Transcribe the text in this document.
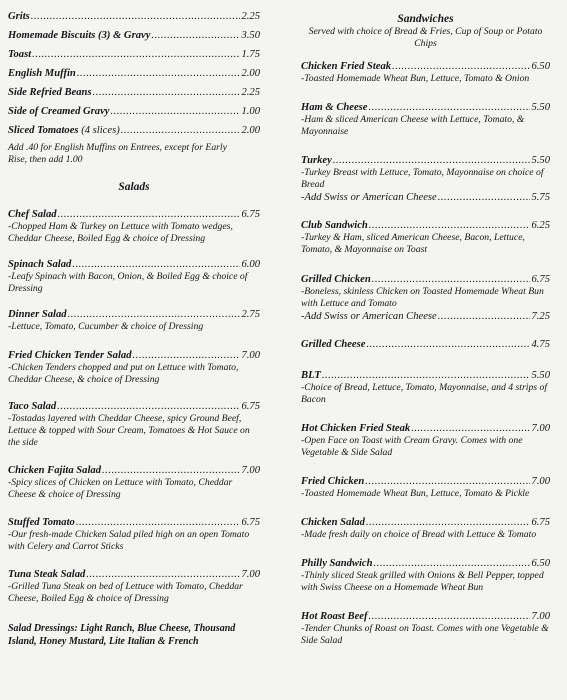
Grits .....	2.25
Homemade Biscuits (3) & Gravy .....	3.50
Toast .....	1.75
English Muffin .....	2.00
Side Refried Beans .....	2.25
Side of Creamed Gravy .....	1.00
Sliced Tomatoes (4 slices) .....	2.00
Add .40 for English Muffins on Entrees, except for Early Rise, then add 1.00
Salads
Chef Salad .....	6.75

-Chopped Ham & Turkey on Lettuce with Tomato wedges, Cheddar Cheese, Boiled Egg & choice of Dressing

Spinach Salad .....	6.00

-Leafy Spinach with Bacon, Onion, & Boiled Egg & choice of Dressing

Dinner Salad .....	2.75

-Lettuce, Tomato, Cucumber & choice of Dressing

Fried Chicken Tender Salad .....	7.00

-Chicken Tenders chopped and put on Lettuce with Tomato, Cheddar Cheese, & choice of Dressing

Taco Salad .....	6.75

-Tostadas layered with Cheddar Cheese, spicy Ground Beef, Lettuce & topped with Sour Cream, Tomatoes & Hot Sauce on the side

Chicken Fajita Salad .....	7.00

-Spicy slices of Chicken on Lettuce with Tomato, Cheddar Cheese & choice of Dressing

Stuffed Tomato .....	6.75

-Our fresh-made Chicken Salad piled high on an open Tomato with Celery and Carrot Sticks

Tuna Steak Salad .....	7.00

-Grilled Tuna Steak on bed of Lettuce with Tomato, Cheddar Cheese, Boiled Egg & choice of Dressing

Salad Dressings: Light Ranch, Blue Cheese, Thousand Island, Honey Mustard, Lite Italian & French
Sandwiches
Served with choice of Bread & Fries, Cup of Soup or Potato Chips
Chicken Fried Steak .....	6.50

-Toasted Homemade Wheat Bun, Lettuce, Tomato & Onion

Ham & Cheese .....	5.50

-Ham & sliced American Cheese with Lettuce, Tomato, & Mayonnaise

Turkey .....	5.50

-Turkey Breast with Lettuce, Tomato, Mayonnaise on choice of Bread

-Add Swiss or American Cheese .....	5.75
Club Sandwich .....	6.25

-Turkey & Ham, sliced American Cheese, Bacon, Lettuce, Tomato, & Mayonnaise on Toast

Grilled Chicken .....	6.75

-Boneless, skinless Chicken on Toasted Homemade Wheat Bun with Lettuce and Tomato

-Add Swiss or American Cheese .....	7.25
Grilled Cheese .....	4.75
BLT .....	5.50

-Choice of Bread, Lettuce, Tomato, Mayonnaise, and 4 strips of Bacon

Hot Chicken Fried Steak .....	7.00

-Open Face on Toast with Cream Gravy. Comes with one Vegetable & Side Salad

Fried Chicken .....	7.00

-Toasted Homemade Wheat Bun, Lettuce, Tomato & Pickle

Chicken Salad .....	6.75

-Made fresh daily on choice of Bread with Lettuce & Tomato

Philly Sandwich .....	6.50

-Thinly sliced Steak grilled with Onions & Bell Pepper, topped with Swiss Cheese on a Homemade Wheat Bun

Hot Roast Beef .....	7.00

-Tender Chunks of Roast on Toast. Comes with one Vegetable & Side Salad
